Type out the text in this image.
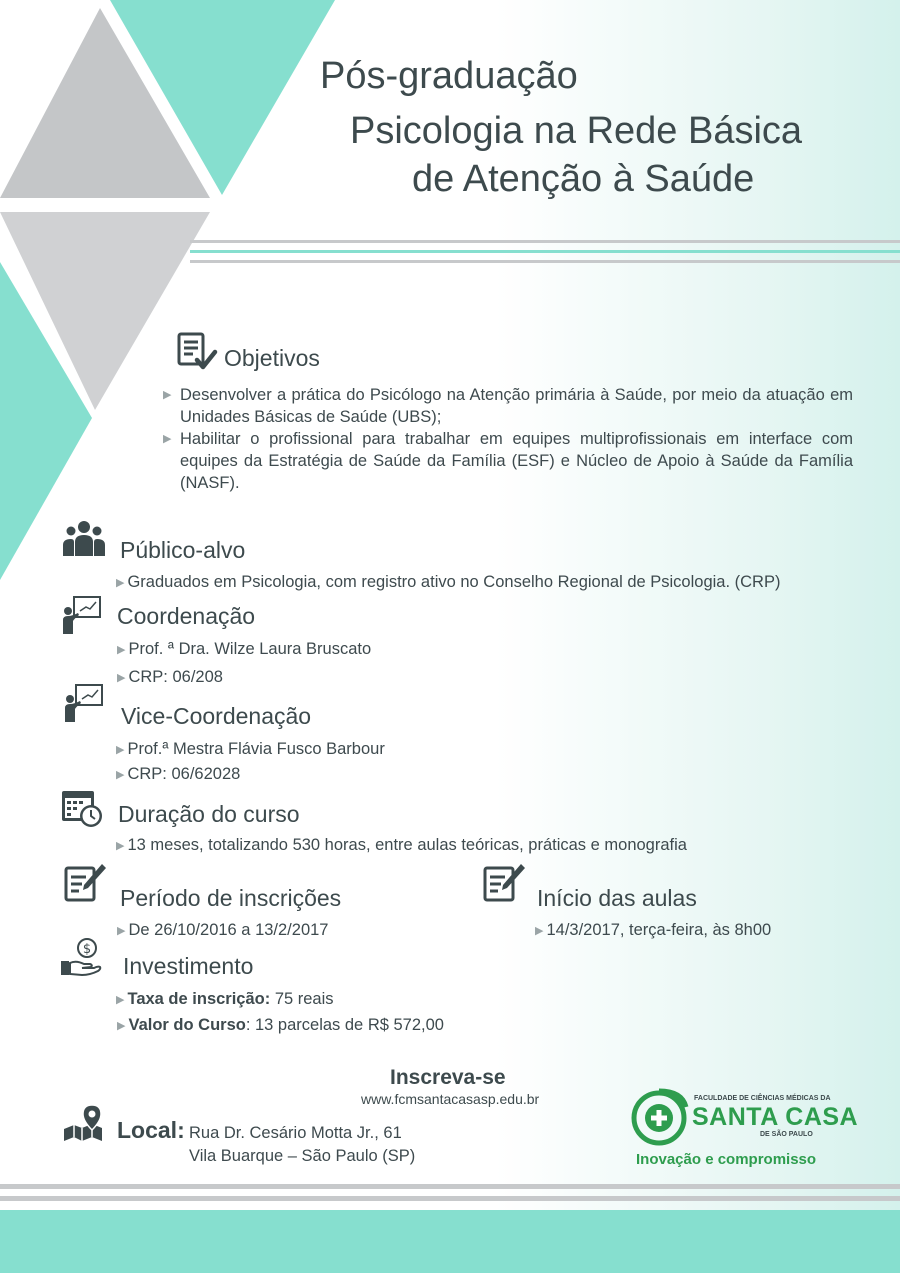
Pós-graduação
Psicologia na Rede Básica
de Atenção à Saúde
Objetivos
▶ Desenvolver a prática do Psicólogo na Atenção primária à Saúde, por meio da atuação em Unidades Básicas de Saúde (UBS);
▶ Habilitar o profissional para trabalhar em equipes multiprofissionais em interface com equipes da Estratégia de Saúde da Família (ESF) e Núcleo de Apoio à Saúde da Família (NASF).
Público-alvo
▶ Graduados em Psicologia, com registro ativo no Conselho Regional de Psicologia. (CRP)
Coordenação
▶ Prof. ª Dra. Wilze Laura Bruscato
▶ CRP: 06/208
Vice-Coordenação
▶ Prof.ª Mestra Flávia Fusco Barbour
▶ CRP: 06/62028
Duração do curso
▶ 13 meses, totalizando 530 horas, entre aulas teóricas, práticas e monografia
Período de inscrições
▶ De 26/10/2016 a 13/2/2017
Início das aulas
▶ 14/3/2017, terça-feira, às 8h00
$
Investimento
▶ Taxa de inscrição: 75 reais
▶ Valor do Curso: 13 parcelas de R$ 572,00
Inscreva-se
www.fcmsantacasasp.edu.br
Local: Rua Dr. Cesário Motta Jr., 61
Vila Buarque – São Paulo (SP)
FACULDADE DE CIÊNCIAS MÉDICAS DA
SANTA CASA
DE SÃO PAULO
Inovação e compromisso
